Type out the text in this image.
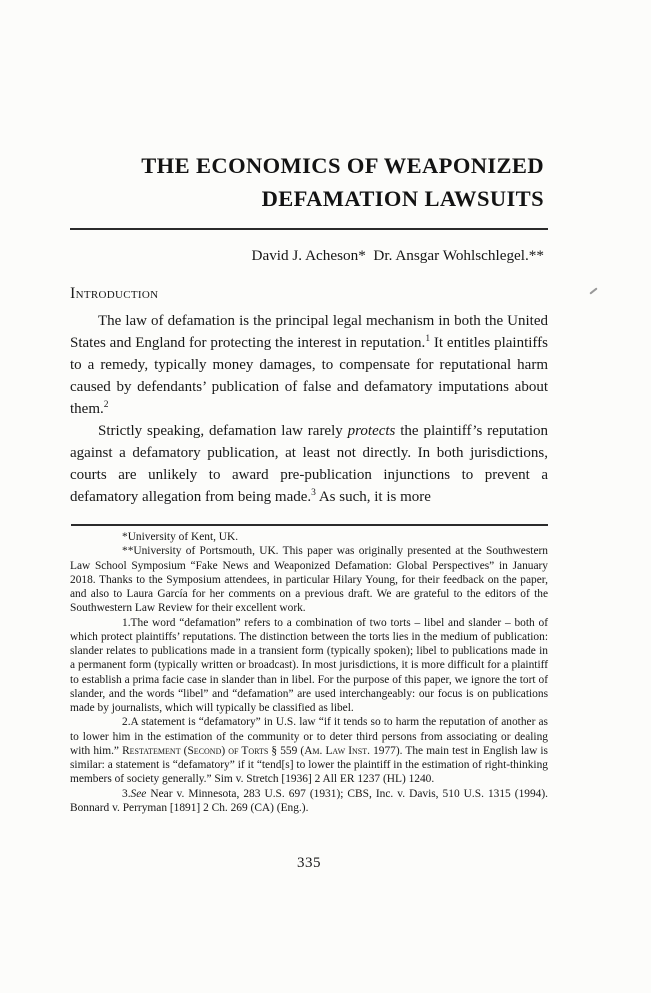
THE ECONOMICS OF WEAPONIZED
DEFAMATION LAWSUITS
David J. Acheson* Dr. Ansgar Wohlschlegel.**
Introduction

The law of defamation is the principal legal mechanism in both the United States and England for protecting the interest in reputation.$^1$ It entitles plaintiffs to a remedy, typically money damages, to compensate for reputational harm caused by defendants’ publication of false and defamatory imputations about them.$^2$

Strictly speaking, defamation law rarely protects the plaintiff’s reputation against a defamatory publication, at least not directly. In both jurisdictions, courts are unlikely to award pre-publication injunctions to prevent a defamatory allegation from being made.$^3$ As such, it is more

*University of Kent, UK.

**University of Portsmouth, UK. This paper was originally presented at the Southwestern Law School Symposium “Fake News and Weaponized Defamation: Global Perspectives” in January 2018. Thanks to the Symposium attendees, in particular Hilary Young, for their feedback on the paper, and also to Laura García for her comments on a previous draft. We are grateful to the editors of the Southwestern Law Review for their excellent work.

1.The word “defamation” refers to a combination of two torts – libel and slander – both of which protect plaintiffs’ reputations. The distinction between the torts lies in the medium of publication: slander relates to publications made in a transient form (typically spoken); libel to publications made in a permanent form (typically written or broadcast). In most jurisdictions, it is more difficult for a plaintiff to establish a prima facie case in slander than in libel. For the purpose of this paper, we ignore the tort of slander, and the words “libel” and “defamation” are used interchangeably: our focus is on publications made by journalists, which will typically be classified as libel.

2.A statement is “defamatory” in U.S. law “if it tends so to harm the reputation of another as to lower him in the estimation of the community or to deter third persons from associating or dealing with him.” Restatement (Second) of Torts § 559 (Am. Law Inst. 1977). The main test in English law is similar: a statement is “defamatory” if it “tend[s] to lower the plaintiff in the estimation of right-thinking members of society generally.” Sim v. Stretch [1936] 2 All ER 1237 (HL) 1240.

3.See Near v. Minnesota, 283 U.S. 697 (1931); CBS, Inc. v. Davis, 510 U.S. 1315 (1994). Bonnard v. Perryman [1891] 2 Ch. 269 (CA) (Eng.).

335
